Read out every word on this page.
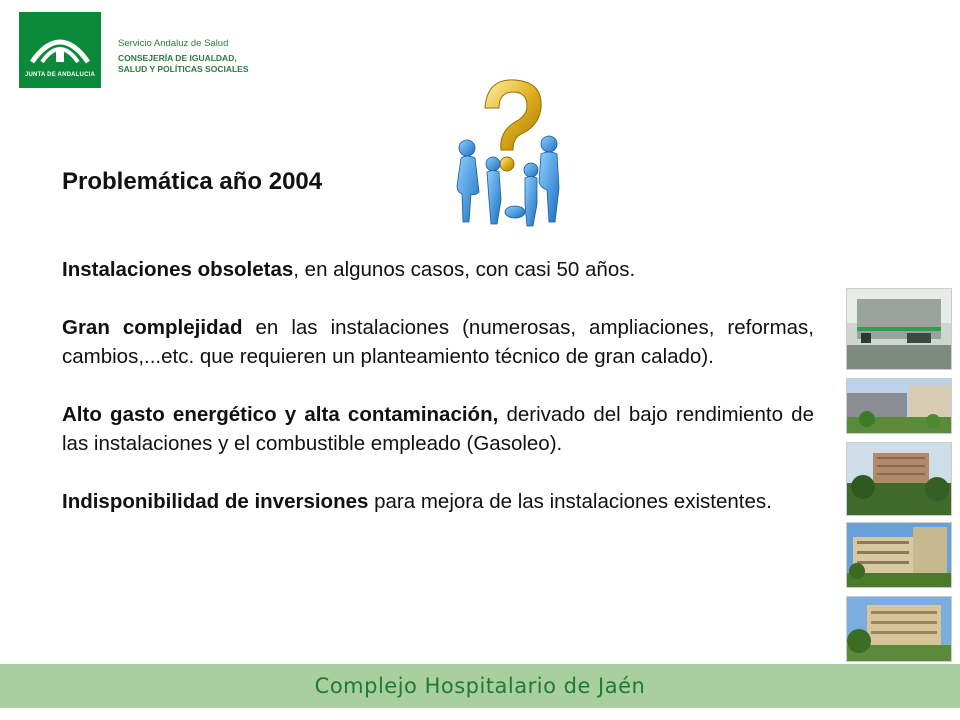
JUNTA DE ANDALUCIA
Servicio Andaluz de Salud
CONSEJERÍA DE IGUALDAD,
SALUD Y POLÍTICAS SOCIALES
Problemática año 2004

Instalaciones obsoletas, en algunos casos, con casi 50 años.

Gran complejidad en las instalaciones (numerosas, ampliaciones, reformas, cambios,...etc. que requieren un planteamiento técnico de gran calado).

Alto gasto energético y alta contaminación, derivado del bajo rendimiento de las instalaciones y el combustible empleado (Gasoleo).

Indisponibilidad de inversiones para mejora de las instalaciones existentes.

Complejo Hospitalario de Jaén
